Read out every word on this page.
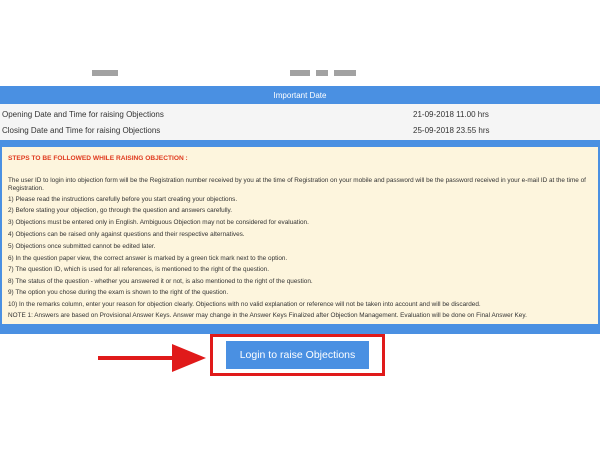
Important Date
Opening Date and Time for raising Objections	21-09-2018 11.00 hrs
Closing Date and Time for raising Objections	25-09-2018 23.55 hrs
STEPS TO BE FOLLOWED WHILE RAISING OBJECTION :
The user ID to login into objection form will be the Registration number received by you at the time of Registration on your mobile and password will be the password received in your e-mail ID at the time of Registration.
1) Please read the instructions carefully before you start creating your objections.
2) Before stating your objection, go through the question and answers carefully.
3) Objections must be entered only in English. Ambiguous Objection may not be considered for evaluation.
4) Objections can be raised only against questions and their respective alternatives.
5) Objections once submitted cannot be edited later.
6) In the question paper view, the correct answer is marked by a green tick mark next to the option.
7) The question ID, which is used for all references, is mentioned to the right of the question.
8) The status of the question - whether you answered it or not, is also mentioned to the right of the question.
9) The option you chose during the exam is shown to the right of the question.
10) In the remarks column, enter your reason for objection clearly. Objections with no valid explanation or reference will not be taken into account and will be discarded.
NOTE 1: Answers are based on Provisional Answer Keys. Answer may change in the Answer Keys Finalized after Objection Management. Evaluation will be done on Final Answer Key.
Login to raise Objections
